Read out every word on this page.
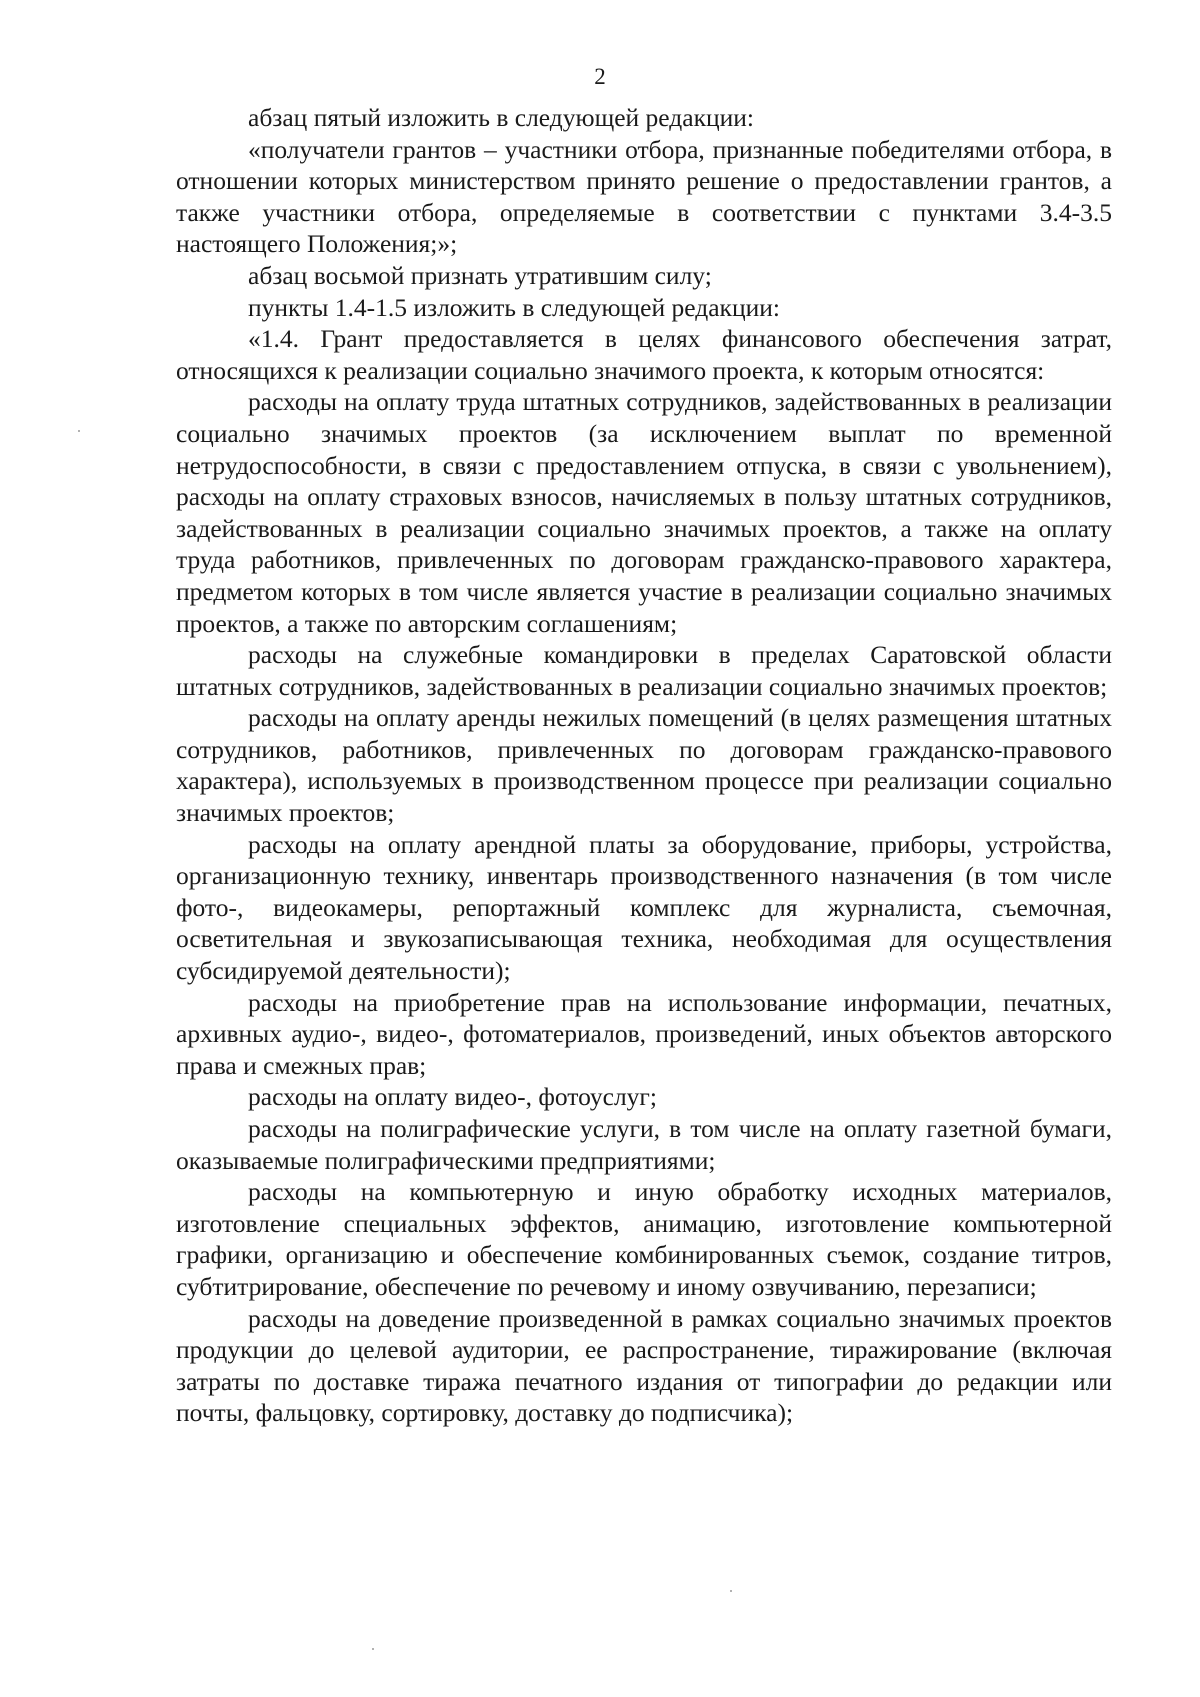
2

абзац пятый изложить в следующей редакции:

«получатели грантов – участники отбора, признанные победителями отбора, в отношении которых министерством принято решение о предоставлении грантов, а также участники отбора, определяемые в соответствии с пунктами 3.4-3.5 настоящего Положения;»;

абзац восьмой признать утратившим силу;

пункты 1.4-1.5 изложить в следующей редакции:

«1.4. Грант предоставляется в целях финансового обеспечения затрат, относящихся к реализации социально значимого проекта, к которым относятся:

расходы на оплату труда штатных сотрудников, задействованных в реализации социально значимых проектов (за исключением выплат по временной нетрудоспособности, в связи с предоставлением отпуска, в связи с увольнением), расходы на оплату страховых взносов, начисляемых в пользу штатных сотрудников, задействованных в реализации социально значимых проектов, а также на оплату труда работников, привлеченных по договорам гражданско-правового характера, предметом которых в том числе является участие в реализации социально значимых проектов, а также по авторским соглашениям;

расходы на служебные командировки в пределах Саратовской области штатных сотрудников, задействованных в реализации социально значимых проектов;

расходы на оплату аренды нежилых помещений (в целях размещения штатных сотрудников, работников, привлеченных по договорам гражданско-правового характера), используемых в производственном процессе при реализации социально значимых проектов;

расходы на оплату арендной платы за оборудование, приборы, устройства, организационную технику, инвентарь производственного назначения (в том числе фото-, видеокамеры, репортажный комплекс для журналиста, съемочная, осветительная и звукозаписывающая техника, необходимая для осуществления субсидируемой деятельности);

расходы на приобретение прав на использование информации, печатных, архивных аудио-, видео-, фотоматериалов, произведений, иных объектов авторского права и смежных прав;

расходы на оплату видео-, фотоуслуг;

расходы на полиграфические услуги, в том числе на оплату газетной бумаги, оказываемые полиграфическими предприятиями;

расходы на компьютерную и иную обработку исходных материалов, изготовление специальных эффектов, анимацию, изготовление компьютерной графики, организацию и обеспечение комбинированных съемок, создание титров, субтитрирование, обеспечение по речевому и иному озвучиванию, перезаписи;

расходы на доведение произведенной в рамках социально значимых проектов продукции до целевой аудитории, ее распространение, тиражирование (включая затраты по доставке тиража печатного издания от типографии до редакции или почты, фальцовку, сортировку, доставку до подписчика);
